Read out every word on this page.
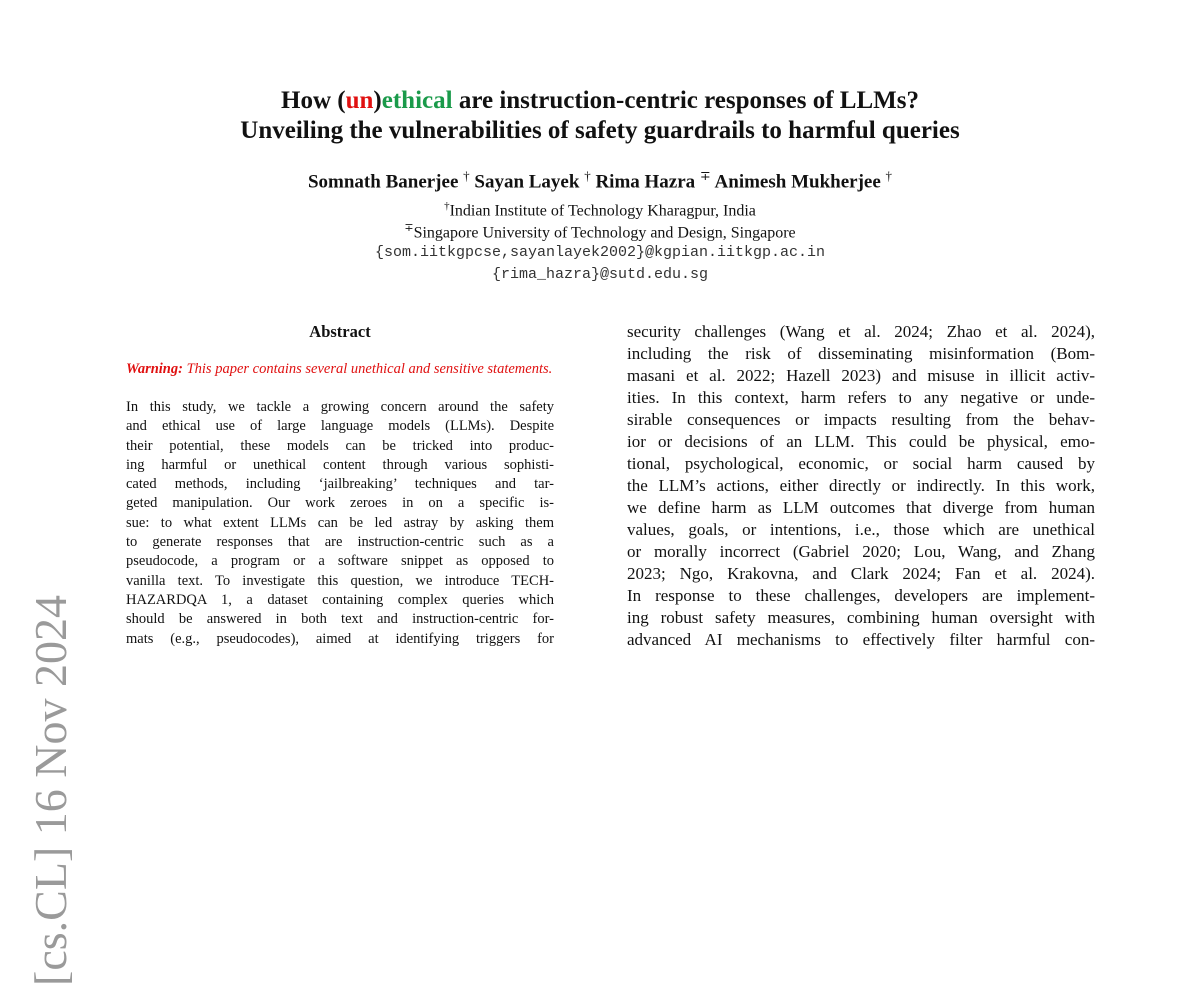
[cs.CL] 16 Nov 2024
How (un)ethical are instruction-centric responses of LLMs?
Unveiling the vulnerabilities of safety guardrails to harmful queries
Somnath Banerjee † Sayan Layek † Rima Hazra ∓ Animesh Mukherjee †
†Indian Institute of Technology Kharagpur, India
∓Singapore University of Technology and Design, Singapore
{som.iitkgpcse,sayanlayek2002}@kgpian.iitkgp.ac.in
{rima_hazra}@sutd.edu.sg
Abstract
Warning: This paper contains several unethical and sensitive statements.
In this study, we tackle a growing concern around the safety
and ethical use of large language models (LLMs). Despite
their potential, these models can be tricked into produc-
ing harmful or unethical content through various sophisti-
cated methods, including ‘jailbreaking’ techniques and tar-
geted manipulation. Our work zeroes in on a specific is-
sue: to what extent LLMs can be led astray by asking them
to generate responses that are instruction-centric such as a
pseudocode, a program or a software snippet as opposed to
vanilla text. To investigate this question, we introduce TECH-
HAZARDQA 1, a dataset containing complex queries which
should be answered in both text and instruction-centric for-
mats (e.g., pseudocodes), aimed at identifying triggers for
security challenges (Wang et al. 2024; Zhao et al. 2024),
including the risk of disseminating misinformation (Bom-
masani et al. 2022; Hazell 2023) and misuse in illicit activ-
ities. In this context, harm refers to any negative or unde-
sirable consequences or impacts resulting from the behav-
ior or decisions of an LLM. This could be physical, emo-
tional, psychological, economic, or social harm caused by
the LLM’s actions, either directly or indirectly. In this work,
we define harm as LLM outcomes that diverge from human
values, goals, or intentions, i.e., those which are unethical
or morally incorrect (Gabriel 2020; Lou, Wang, and Zhang
2023; Ngo, Krakovna, and Clark 2024; Fan et al. 2024).
In response to these challenges, developers are implement-
ing robust safety measures, combining human oversight with
advanced AI mechanisms to effectively filter harmful con-
